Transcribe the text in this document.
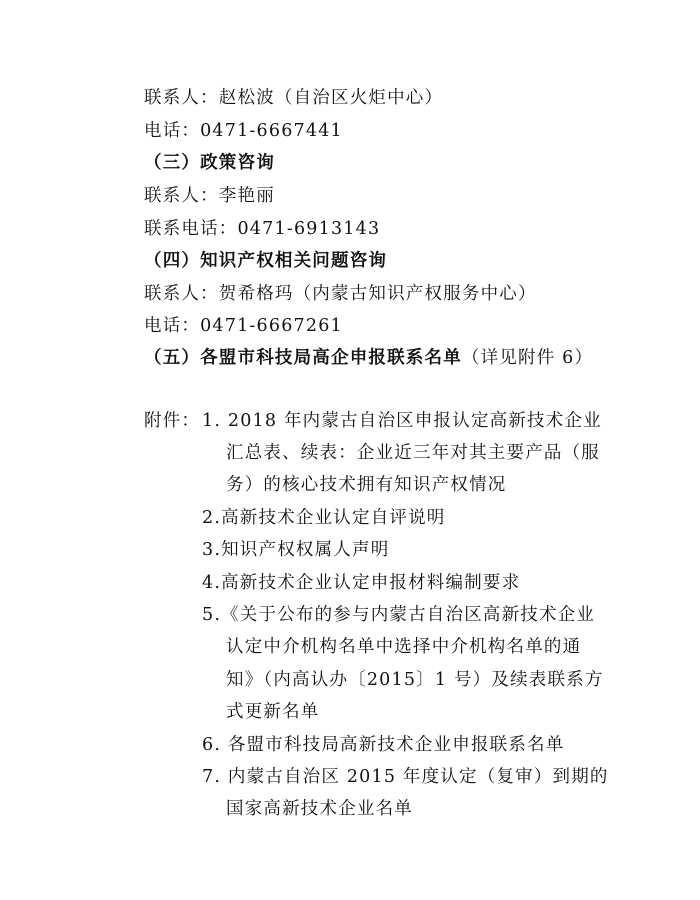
联系人：赵松波（自治区火炬中心）
电话：0471-6667441
（三）政策咨询
联系人：李艳丽
联系电话：0471-6913143
（四）知识产权相关问题咨询
联系人：贺希格玛（内蒙古知识产权服务中心）
电话：0471-6667261
（五）各盟市科技局高企申报联系名单（详见附件 6）
附件： 1. 2018 年内蒙古自治区申报认定高新技术企业
汇总表、续表：企业近三年对其主要产品（服
务）的核心技术拥有知识产权情况
2.高新技术企业认定自评说明
3.知识产权权属人声明
4.高新技术企业认定申报材料编制要求
5.《关于公布的参与内蒙古自治区高新技术企业
认定中介机构名单中选择中介机构名单的通
知》（内高认办〔2015〕1 号）及续表联系方
式更新名单
6. 各盟市科技局高新技术企业申报联系名单
7. 内蒙古自治区 2015 年度认定（复审）到期的
国家高新技术企业名单
